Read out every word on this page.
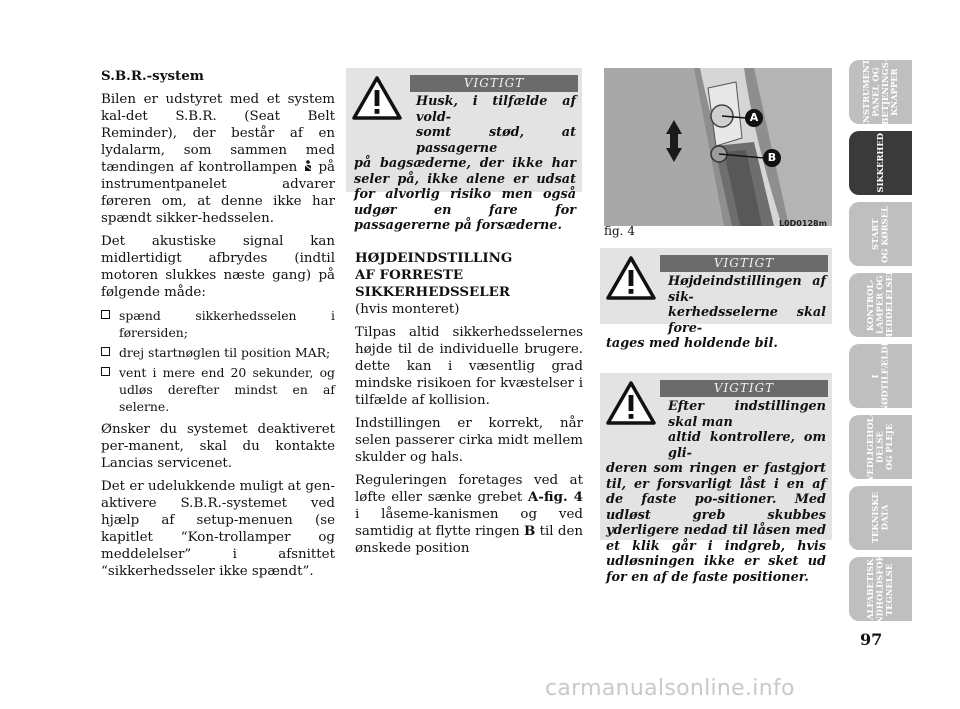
S.B.R.-system

Bilen er udstyret med et system kal-det S.B.R. (Seat Belt Reminder), der består af en lydalarm, som sammen med tændingen af kontrollampen på instrumentpanelet advarer føreren om, at denne ikke har spændt sikker-hedsselen.

Det akustiske signal kan midlertidigt afbrydes (indtil motoren slukkes næste gang) på følgende måde:

spænd sikkerhedsselen i førersiden;
drej startnøglen til position MAR;
vent i mere end 20 sekunder, og udløs derefter mindst en af selerne.

Ønsker du systemet deaktiveret per-manent, skal du kontakte Lancias servicenet.

Det er udelukkende muligt at gen-aktivere S.B.R.-systemet ved hjælp af setup-menuen (se kapitlet “Kon-trollamper og meddelelser” i afsnittet “sikkerhedsseler ikke spændt”.

VIGTIGT
Husk, i tilfælde af vold-
somt stød, at passagerne
på bagsæderne, der ikke har seler på, ikke alene er udsat for alvorlig risiko men også udgør en fare for passagererne på forsæderne.
HØJDEINDSTILLING
AF FORRESTE
SIKKERHEDSSELER

(hvis monteret)

Tilpas altid sikkerhedsselernes højde til de individuelle brugere. dette kan i væsentlig grad mindske risikoen for kvæstelser i tilfælde af kollision.

Indstillingen er korrekt, når selen passerer cirka midt mellem skulder og hals.

Reguleringen foretages ved at løfte eller sænke grebet A-fig. 4 i låseme-kanismen og ved samtidig at flytte ringen B til den ønskede position

A
B
L0D0128m
fig. 4
VIGTIGT
Højdeindstillingen af sik-
kerhedsselerne skal fore-
tages med holdende bil.
VIGTIGT
Efter indstillingen skal man
altid kontrollere, om gli-
deren som ringen er fastgjort til, er forsvarligt låst i en af de faste po-sitioner. Med udløst greb skubbes yderligere nedad til låsen med et klik går i indgreb, hvis udløsningen ikke er sket ud for en af de faste positioner.
INSTRUMENT-
PANEL OG
BETJENINGS-
KNAPPER
SIKKERHED
START
OG KØRSEL
KONTROL-
LAMPER OG
MEDDELELSER
I
NØDTILFÆLDE
VEDLIGEHOL-
DELSE
OG PLEJE
TEKNISKE
DATA
ALFABETISK
INDHOLDSFOR-
TEGNELSE
97
carmanualsonline.info
